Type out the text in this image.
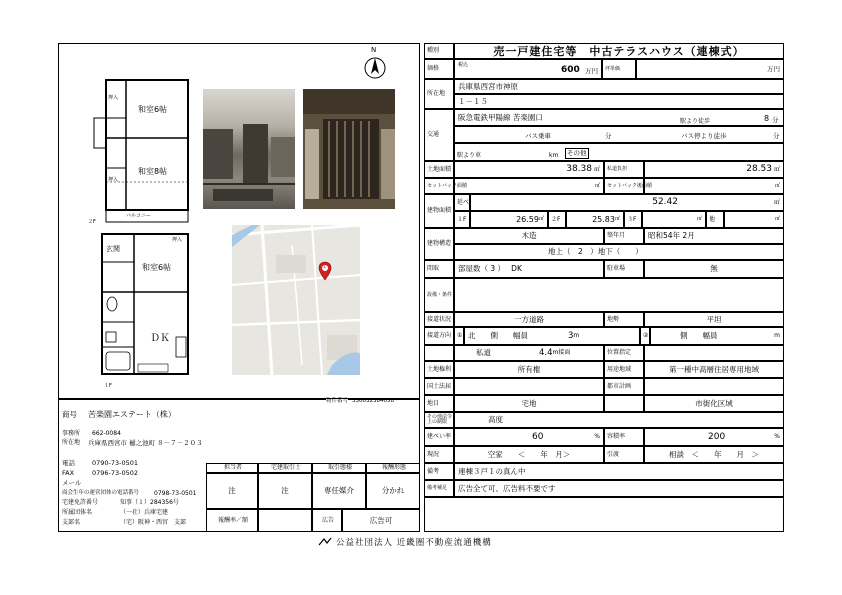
N
和室6帖
和室8帖
押入
押入
バルコニー
２F
玄関
和室6帖
押入
ＤＫ
１F
1
物件番号 330032384058
商号 苦楽園エステート（株）
事務所 662-0084
所在地 兵庫県西宮市 樋之池町 ８－７－２０３
電話	0790-73-0501
FAX	0796-73-0502
メール
商会生年の運営団体の電話番号 0798-73-0501
宅建免許番号	知事（１）284356号
所属団体名	（一社）兵庫宅建
支部名	（宅）阪神・西宮　支部
担当者	宅建取引士	取引態様	報酬形態
注	注	専任媒介	分かれ
報酬率／額	広告	広告可
種別	売一戸建住宅等　中古テラスハウス（連棟式）
価格	税込	600 万円	坪単価	万円
所在地
兵庫県西宮市神原
１－１５
交通
阪急電鉄甲陽線 苦楽園口	駅より徒歩	8 分
バス乗車	分	バス停より徒歩	分
駅より車	km	その他
土地面積	38.38 ㎡	私道負担	28.53 ㎡
セットバック面積	㎡	セットバック後面積	㎡
建物面積
延べ	52.42	㎡
１F	26.59 ㎡	２F	25.83 ㎡	３F	㎡	他	㎡
建物構造
木造	築年月	昭和54年 2月
地上（　2　）地下（　　）
間取	部屋数（ 3 ）　 DK	駐車場	無
設備・条件
接道状況	一方道路	地勢	平坦
接道方向 ① 北　　側　　幅員	3 m	②	側　　幅員	m
私道	4.4 m接面	位置指定
土地権利	所有権	用途地域	第一種中高層住居専用地域
国土法届	都市計画
地目	宅地	市街化区域
その他法令上の制限	高度
建ぺい率	60	%	容積率	200	%
現況	空家　　＜　　年　月＞	引渡	相談　＜　　年　　月　＞
備考	連棟３戸１の真ん中
備考補足	広告全て可、広告料不要です
公益社団法人 近畿圏不動産流通機構
